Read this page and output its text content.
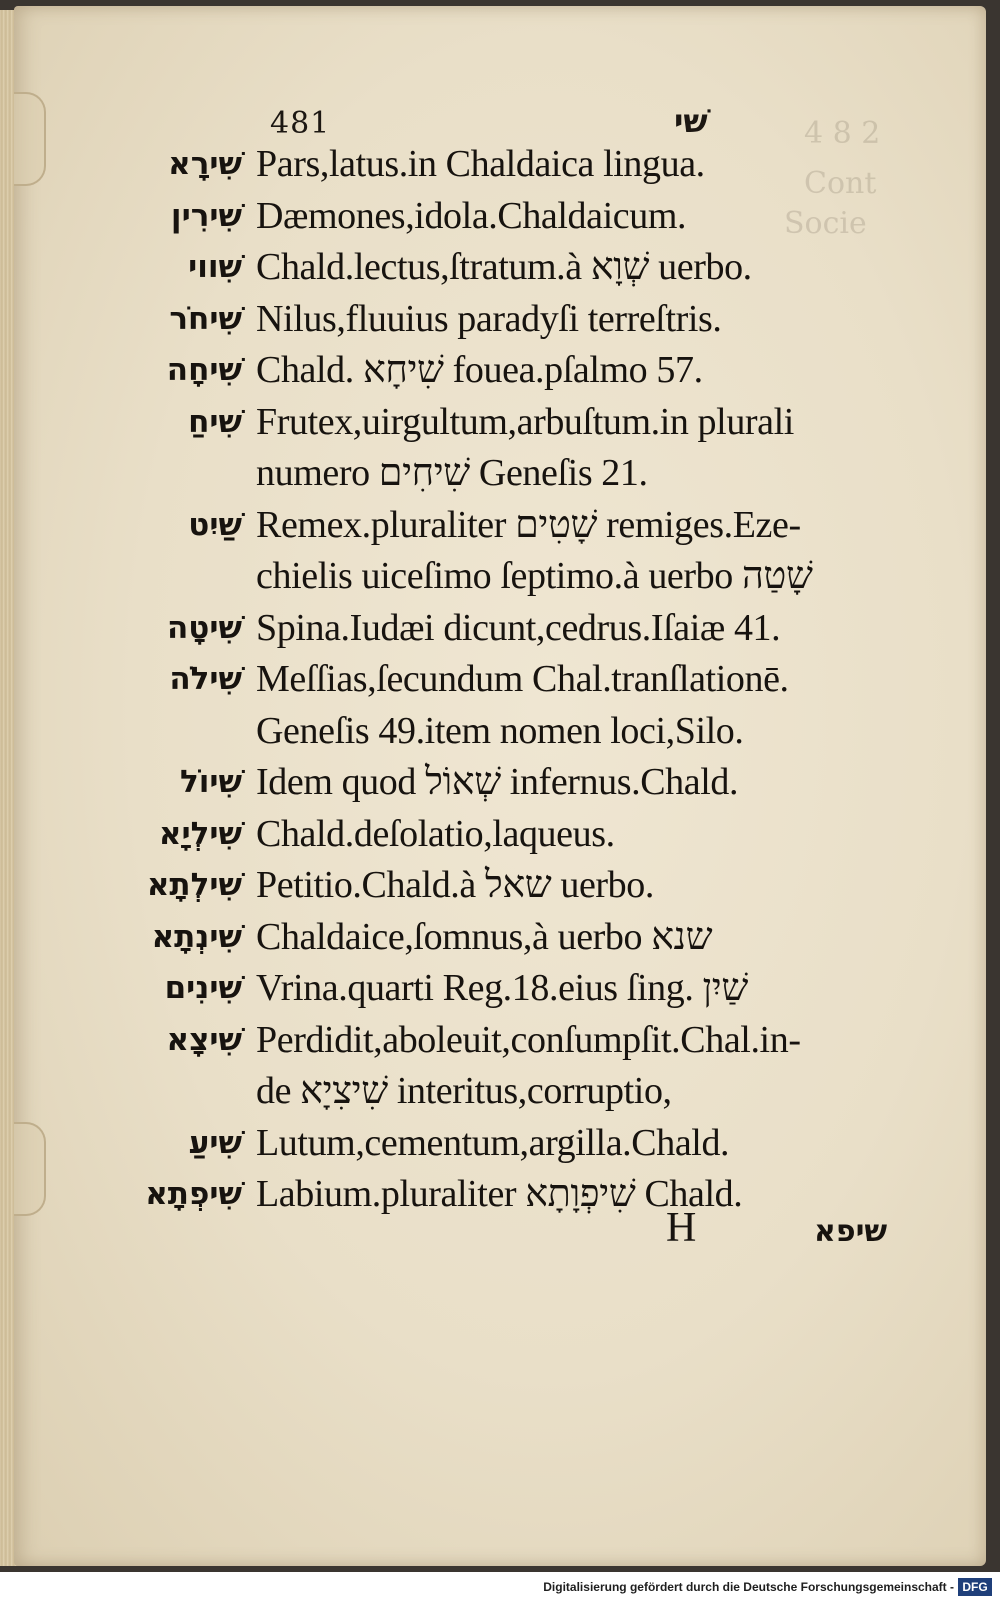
4 8 2
Cont
Socie
481	שׁי
שִׁירָא Pars,latus.in Chaldaica lingua.
שִׁירִין Dæmones,idola.Chaldaicum.
שִׁווי Chald.lectus,ſtratum.à שְׁוָא uerbo.
שִׁיחֹר Nilus,fluuius paradyſi terreſtris.
שִׁיחָה Chald. שִׁיחָא fouea.pſalmo 57.
שִׁיחַ Frutex,uirgultum,arbuſtum.in plurali
numero שִׁיחִים Geneſis 21.
שַׁיִט Remex.pluraliter שָׁטִים remiges.Eze-
chielis uiceſimo ſeptimo.à uerbo שָׁטַה
שִׁיטָה Spina.Iudæi dicunt,cedrus.Iſaiæ 41.
שִׁילֹה Meſſias,ſecundum Chal.tranſlationē.
Geneſis 49.item nomen loci,Silo.
שִׁיוֹל Idem quod שְׁאוֹל infernus.Chald.
שִׁילְיָא Chald.deſolatio,laqueus.
שִׁילְתָא Petitio.Chald.à שאל uerbo.
שִׁינְתָא Chaldaice,ſomnus,à uerbo שנא
שִׁינִים Vrina.quarti Reg.18.eius ſing. שַׁיִן
שִׁיצָא Perdidit,aboleuit,conſumpſit.Chal.in-
de שִׁיצִיָא interitus,corruptio,
שִׁיעַ Lutum,cementum,argilla.Chald.
שִׁיפְתָא Labium.pluraliter שִׁיפְוָתָא Chald.
H	שיפא
Digitalisierung gefördert durch die Deutsche Forschungsgemeinschaft - DFG
